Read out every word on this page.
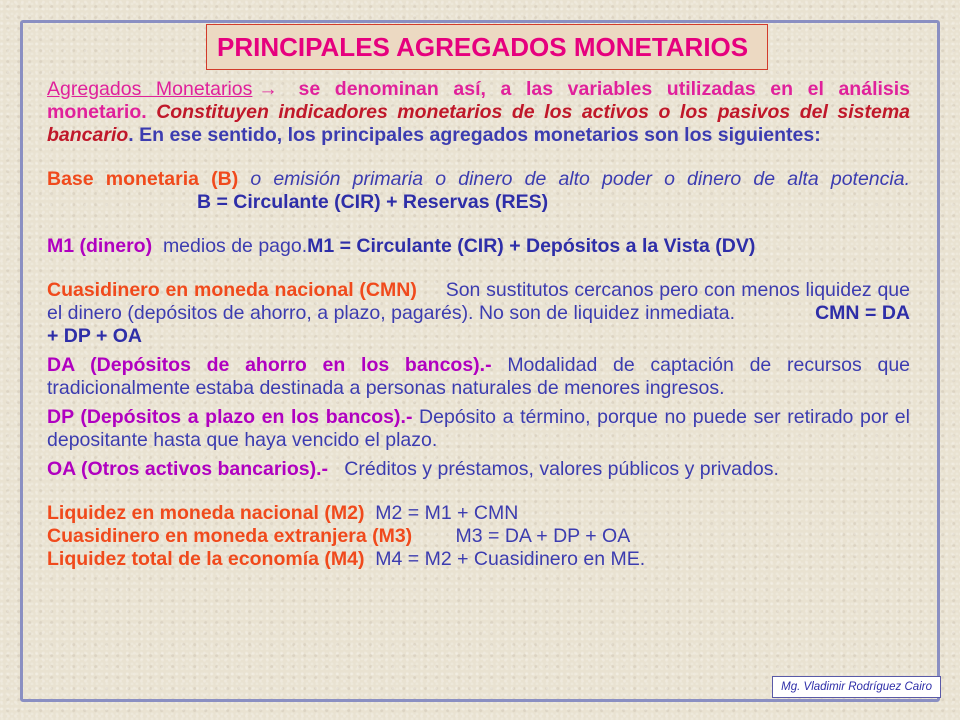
PRINCIPALES AGREGADOS MONETARIOS

Agregados Monetarios → se denominan así, a las variables utilizadas en el análisis monetario. Constituyen indicadores monetarios de los activos o los pasivos del sistema bancario. En ese sentido, los principales agregados monetarios son los siguientes:

Base monetaria (B) o emisión primaria o dinero de alto poder o dinero de alta potencia.B = Circulante (CIR) + Reservas (RES)

M1 (dinero) medios de pago.M1 = Circulante (CIR) + Depósitos a la Vista (DV)

Cuasidinero en moneda nacional (CMN) Son sustitutos cercanos pero con menos liquidez que el dinero (depósitos de ahorro, a plazo, pagarés). No son de liquidez inmediata.	CMN = DA + DP + OA

DA (Depósitos de ahorro en los bancos).- Modalidad de captación de recursos que tradicionalmente estaba destinada a personas naturales de menores ingresos.

DP (Depósitos a plazo en los bancos).- Depósito a término, porque no puede ser retirado por el depositante hasta que haya vencido el plazo.

OA (Otros activos bancarios).- Créditos y préstamos, valores públicos y privados.

Liquidez en moneda nacional (M2) M2 = M1 + CMN

Cuasidinero en moneda extranjera (M3) M3 = DA + DP + OA

Liquidez total de la economía (M4) M4 = M2 + Cuasidinero en ME.

Mg. Vladimir Rodríguez Cairo
